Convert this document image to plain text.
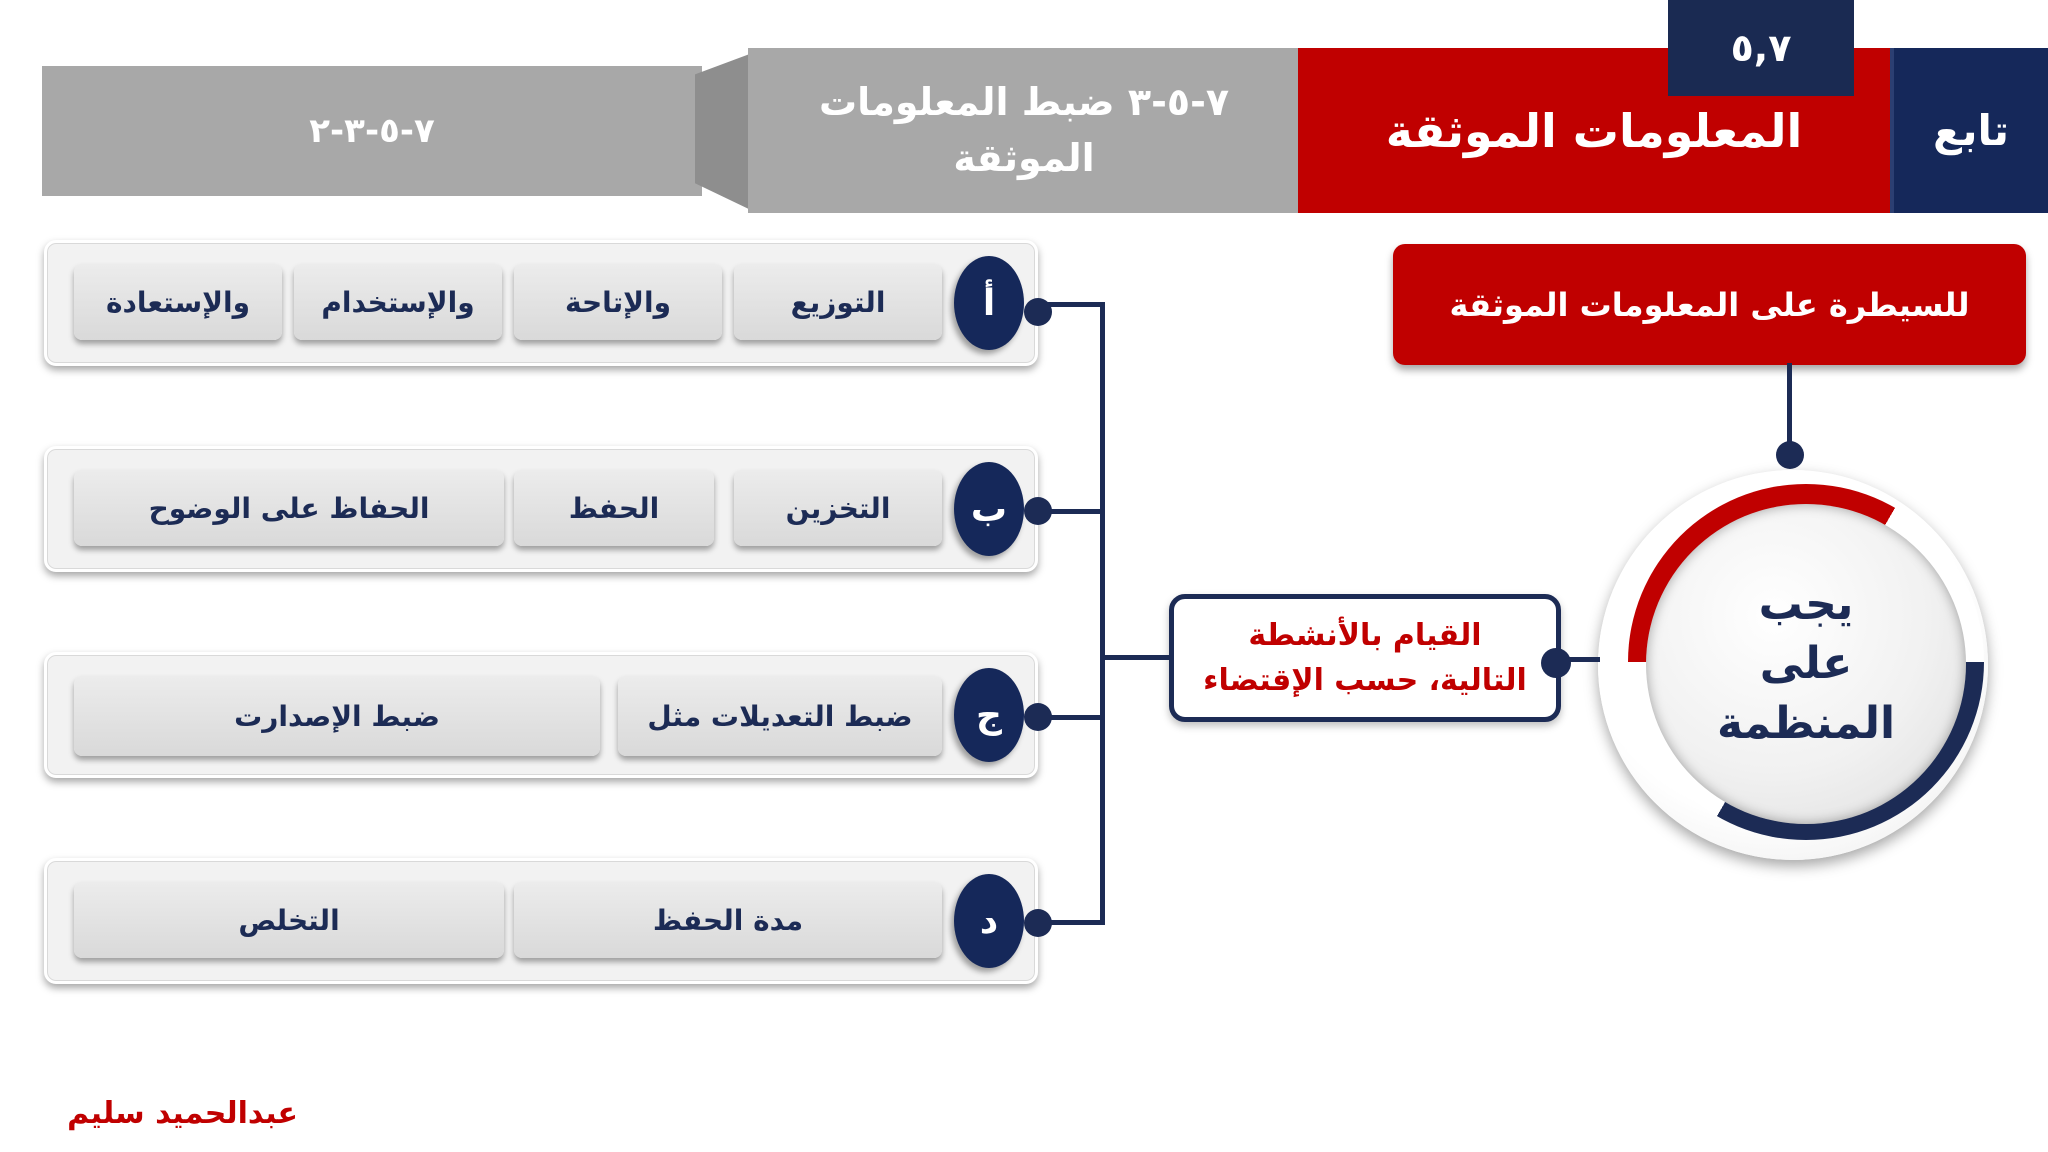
٧-٥-٣-٢
٧-٥-٣ ضبط المعلومات الموثقة	المعلومات الموثقة	تابع
٥,٧
للسيطرة على المعلومات الموثقة
يجب على المنظمة
القيام بالأنشطة التالية، حسب الإقتضاء
التوزيع
والإتاحة
والإستخدام
والإستعادة	أ
التخزين
الحفظ
الحفاظ على الوضوح	ب
ضبط التعديلات مثل
ضبط الإصدارت	ج
مدة الحفظ
التخلص	د
عبدالحميد سليم
